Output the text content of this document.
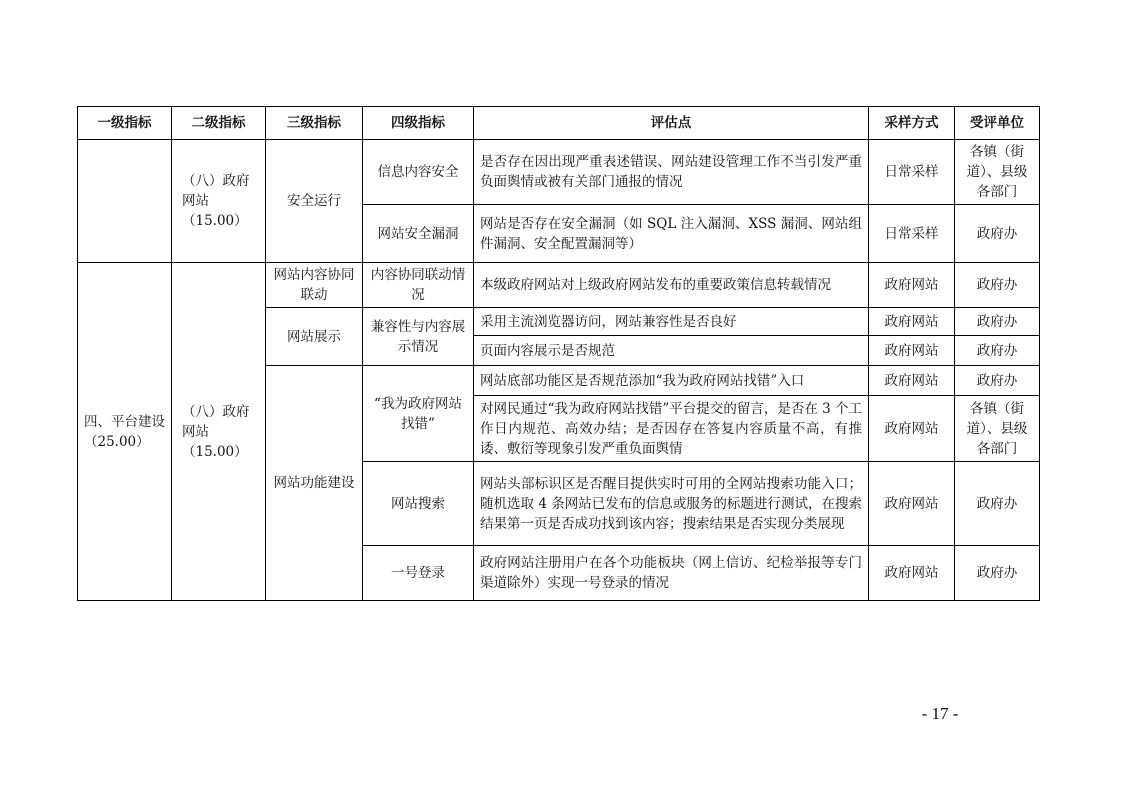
一级指标	二级指标	三级指标	四级指标	评估点	采样方式	受评单位
	（八）政府网站（15.00）	安全运行	信息内容安全	是否存在因出现严重表述错误、网站建设管理工作不当引发严重负面舆情或被有关部门通报的情况	日常采样	各镇（街道）、县级各部门
			网站安全漏洞	网站是否存在安全漏洞（如 SQL 注入漏洞、XSS 漏洞、网站组件漏洞、安全配置漏洞等）	日常采样	政府办
四、平台建设（25.00）	（八）政府网站（15.00）	网站内容协同联动	内容协同联动情况	本级政府网站对上级政府网站发布的重要政策信息转载情况	政府网站	政府办
		网站展示	兼容性与内容展示情况	采用主流浏览器访问，网站兼容性是否良好	政府网站	政府办
				页面内容展示是否规范	政府网站	政府办
		网站功能建设	“我为政府网站找错”	网站底部功能区是否规范添加“我为政府网站找错”入口	政府网站	政府办
				对网民通过“我为政府网站找错”平台提交的留言，是否在 3 个工作日内规范、高效办结；是否因存在答复内容质量不高，有推诿、敷衍等现象引发严重负面舆情	政府网站	各镇（街道）、县级各部门
			网站搜索	网站头部标识区是否醒目提供实时可用的全网站搜索功能入口；随机选取 4 条网站已发布的信息或服务的标题进行测试，在搜索结果第一页是否成功找到该内容；搜索结果是否实现分类展现	政府网站	政府办
			一号登录	政府网站注册用户在各个功能板块（网上信访、纪检举报等专门渠道除外）实现一号登录的情况	政府网站	政府办
- 17 -
